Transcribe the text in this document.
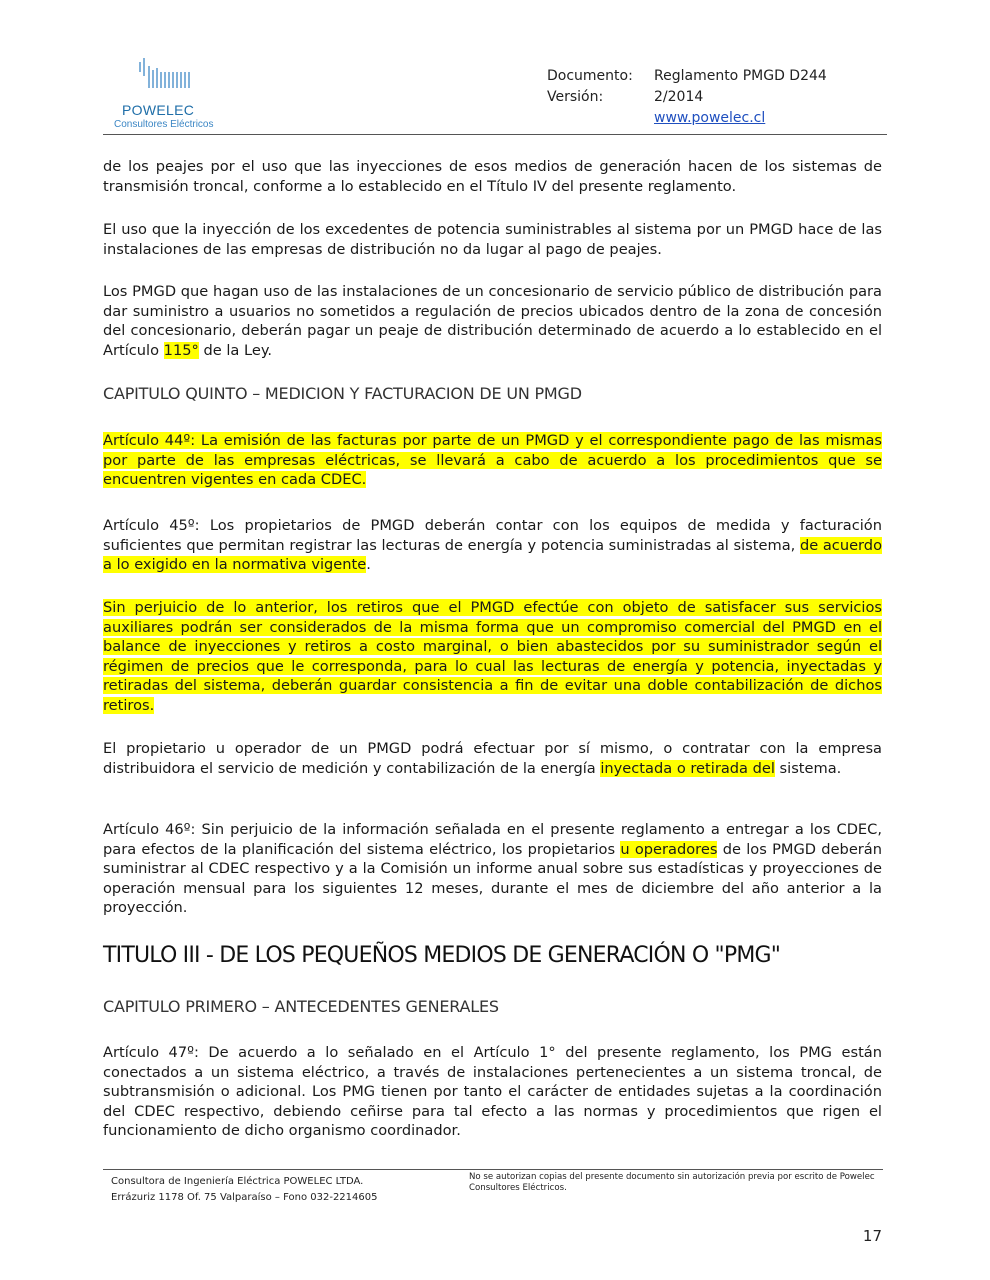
POWELEC
Consultores Eléctricos
Documento:	Reglamento PMGD D244
Versión:	2/2014
www.powelec.cl

de los peajes por el uso que las inyecciones de esos medios de generación hacen de los sistemas de transmisión troncal, conforme a lo establecido en el Título IV del presente reglamento.

El uso que la inyección de los excedentes de potencia suministrables al sistema por un PMGD hace de las instalaciones de las empresas de distribución no da lugar al pago de peajes.

Los PMGD que hagan uso de las instalaciones de un concesionario de servicio público de distribución para dar suministro a usuarios no sometidos a regulación de precios ubicados dentro de la zona de concesión del concesionario, deberán pagar un peaje de distribución determinado de acuerdo a lo establecido en el Artículo 115° de la Ley.

CAPITULO QUINTO – MEDICION Y FACTURACION DE UN PMGD

Artículo 44º: La emisión de las facturas por parte de un PMGD y el correspondiente pago de las mismas por parte de las empresas eléctricas, se llevará a cabo de acuerdo a los procedimientos que se encuentren vigentes en cada CDEC.

Artículo 45º: Los propietarios de PMGD deberán contar con los equipos de medida y facturación suficientes que permitan registrar las lecturas de energía y potencia suministradas al sistema, de acuerdo a lo exigido en la normativa vigente.

Sin perjuicio de lo anterior, los retiros que el PMGD efectúe con objeto de satisfacer sus servicios auxiliares podrán ser considerados de la misma forma que un compromiso comercial del PMGD en el balance de inyecciones y retiros a costo marginal, o bien abastecidos por su suministrador según el régimen de precios que le corresponda, para lo cual las lecturas de energía y potencia, inyectadas y retiradas del sistema, deberán guardar consistencia a fin de evitar una doble contabilización de dichos retiros.

El propietario u operador de un PMGD podrá efectuar por sí mismo, o contratar con la empresa distribuidora el servicio de medición y contabilización de la energía inyectada o retirada del sistema.

Artículo 46º: Sin perjuicio de la información señalada en el presente reglamento a entregar a los CDEC, para efectos de la planificación del sistema eléctrico, los propietarios u operadores de los PMGD deberán suministrar al CDEC respectivo y a la Comisión un informe anual sobre sus estadísticas y proyecciones de operación mensual para los siguientes 12 meses, durante el mes de diciembre del año anterior a la proyección.

TITULO III - DE LOS PEQUEÑOS MEDIOS DE GENERACIÓN O "PMG"
CAPITULO PRIMERO – ANTECEDENTES GENERALES

Artículo 47º: De acuerdo a lo señalado en el Artículo 1° del presente reglamento, los PMG están conectados a un sistema eléctrico, a través de instalaciones pertenecientes a un sistema troncal, de subtransmisión o adicional. Los PMG tienen por tanto el carácter de entidades sujetas a la coordinación del CDEC respectivo, debiendo ceñirse para tal efecto a las normas y procedimientos que rigen el funcionamiento de dicho organismo coordinador.

Consultora de Ingeniería Eléctrica POWELEC LTDA.
Errázuriz 1178 Of. 75 Valparaíso – Fono 032-2214605
No se autorizan copias del presente documento sin autorización previa por escrito de Powelec Consultores Eléctricos.
17
